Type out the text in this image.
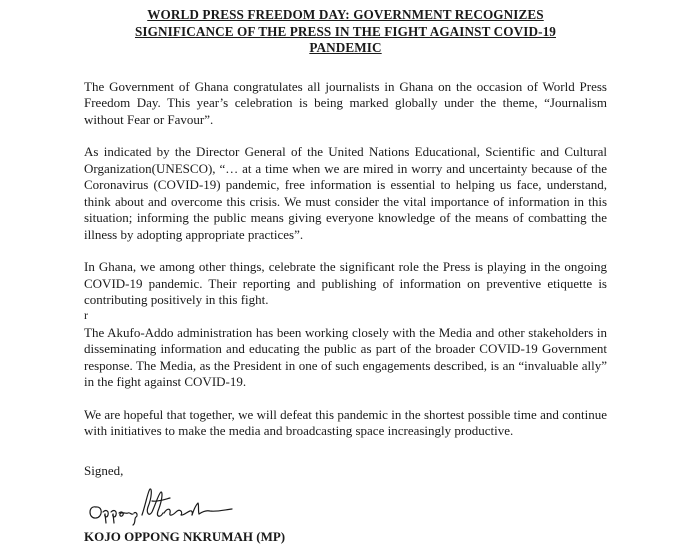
WORLD PRESS FREEDOM DAY: GOVERNMENT RECOGNIZES
SIGNIFICANCE OF THE PRESS IN THE FIGHT AGAINST COVID-19
PANDEMIC

The Government of Ghana congratulates all journalists in Ghana on the occasion of World Press Freedom Day. This year’s celebration is being marked globally under the theme, “Journalism without Fear or Favour”.

As indicated by the Director General of the United Nations Educational, Scientific and Cultural Organization(UNESCO), “… at a time when we are mired in worry and uncertainty because of the Coronavirus (COVID-19) pandemic, free information is essential to helping us face, understand, think about and overcome this crisis. We must consider the vital importance of information in this situation; informing the public means giving everyone knowledge of the means of combatting the illness by adopting appropriate practices”.

In Ghana, we among other things, celebrate the significant role the Press is playing in the ongoing COVID-19 pandemic. Their reporting and publishing of information on preventive etiquette is contributing positively in this fight.

r

The Akufo-Addo administration has been working closely with the Media and other stakeholders in disseminating information and educating the public as part of the broader COVID-19 Government response. The Media, as the President in one of such engagements described, is an “invaluable ally” in the fight against COVID-19.

We are hopeful that together, we will defeat this pandemic in the shortest possible time and continue with initiatives to make the media and broadcasting space increasingly productive.

Signed,
KOJO OPPONG NKRUMAH (MP)
